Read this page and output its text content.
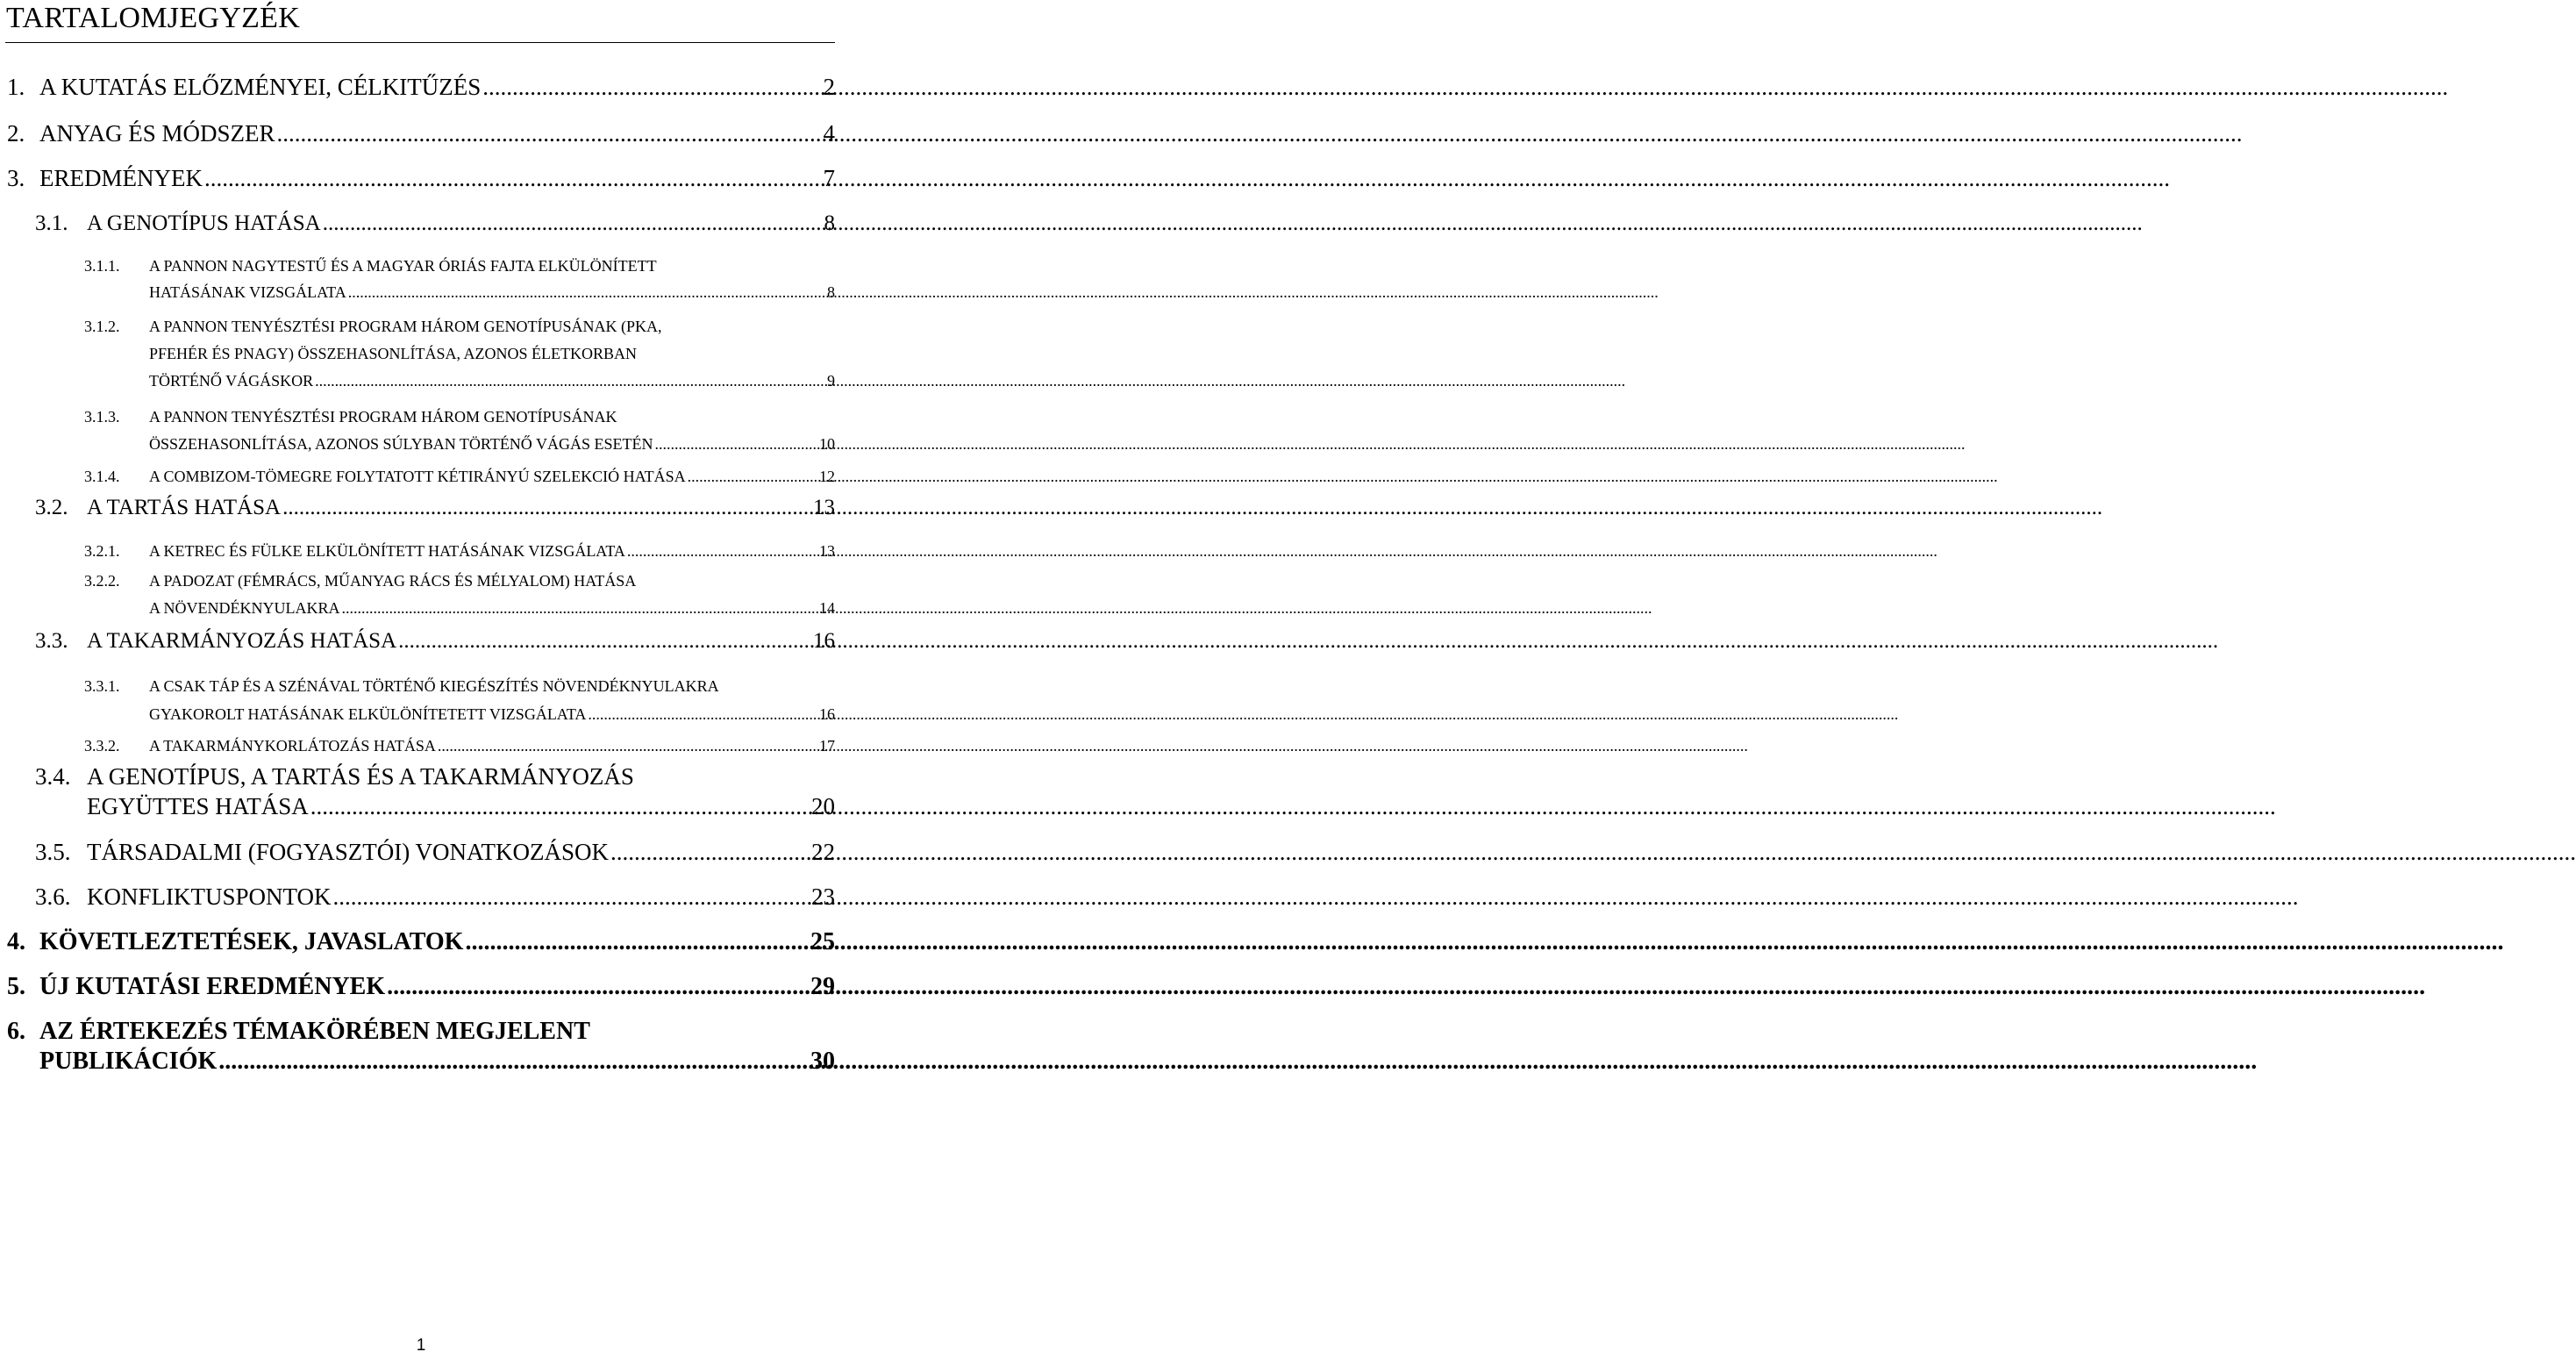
TARTALOMJEGYZÉK
1. A KUTATÁS ELŐZMÉNYEI, CÉLKITŰZÉS .....	2
2. ANYAG ÉS MÓDSZER .....	4
3. EREDMÉNYEK .....	7
3.1. A GENOTÍPUS HATÁSA .....	8
3.1.1.	A PANNON NAGYTESTŰ ÉS A MAGYAR ÓRIÁS FAJTA ELKÜLÖNÍTETT
HATÁSÁNAK VIZSGÁLATA .....	8
3.1.2.	A PANNON TENYÉSZTÉSI PROGRAM HÁROM GENOTÍPUSÁNAK (PKA,
PFEHÉR ÉS PNAGY) ÖSSZEHASONLÍTÁSA, AZONOS ÉLETKORBAN
TÖRTÉNŐ VÁGÁSKOR .....	9
3.1.3.	A PANNON TENYÉSZTÉSI PROGRAM HÁROM GENOTÍPUSÁNAK
ÖSSZEHASONLÍTÁSA, AZONOS SÚLYBAN TÖRTÉNŐ VÁGÁS ESETÉN .....	10
3.1.4.	A COMBIZOM-TÖMEGRE FOLYTATOTT KÉTIRÁNYÚ SZELEKCIÓ HATÁSA .....	12
3.2. A TARTÁS HATÁSA .....	13
3.2.1.	A KETREC ÉS FÜLKE ELKÜLÖNÍTETT HATÁSÁNAK VIZSGÁLATA .....	13
3.2.2.	A PADOZAT (FÉMRÁCS, MŰANYAG RÁCS ÉS MÉLYALOM) HATÁSA
A NÖVENDÉKNYULAKRA .....	14
3.3. A TAKARMÁNYOZÁS HATÁSA .....	16
3.3.1.	A CSAK TÁP ÉS A SZÉNÁVAL TÖRTÉNŐ KIEGÉSZÍTÉS NÖVENDÉKNYULAKRA
GYAKOROLT HATÁSÁNAK ELKÜLÖNÍTETETT VIZSGÁLATA .....	16
3.3.2.	A TAKARMÁNYKORLÁTOZÁS HATÁSA .....	17
3.4. A GENOTÍPUS, A TARTÁS ÉS A TAKARMÁNYOZÁS
EGYÜTTES HATÁSA .....	20
3.5. TÁRSADALMI (FOGYASZTÓI) VONATKOZÁSOK .....	22
3.6. KONFLIKTUSPONTOK .....	23
4. KÖVETLEZTETÉSEK, JAVASLATOK .....	25
5. ÚJ KUTATÁSI EREDMÉNYEK .....	29
6. AZ ÉRTEKEZÉS TÉMAKÖRÉBEN MEGJELENT
PUBLIKÁCIÓK .....	30
1
